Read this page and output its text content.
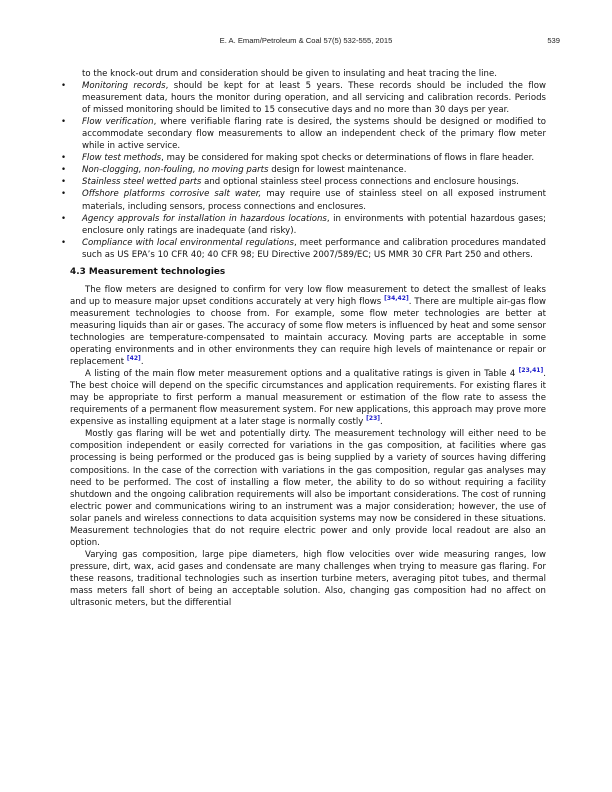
E. A. Emam/Petroleum & Coal 57(5) 532-555, 2015	539

to the knock-out drum and consideration should be given to insulating and heat tracing the line.

• Monitoring records, should be kept for at least 5 years. These records should be included the flow measurement data, hours the monitor during operation, and all servicing and calibration records. Periods of missed monitoring should be limited to 15 consecutive days and no more than 30 days per year.
• Flow verification, where verifiable flaring rate is desired, the systems should be designed or modified to accommodate secondary flow measurements to allow an independent check of the primary flow meter while in active service.
• Flow test methods, may be considered for making spot checks or determinations of flows in flare header.
• Non-clogging, non-fouling, no moving parts design for lowest maintenance.
• Stainless steel wetted parts and optional stainless steel process connections and enclosure housings.
• Offshore platforms corrosive salt water, may require use of stainless steel on all exposed instrument materials, including sensors, process connections and enclosures.
• Agency approvals for installation in hazardous locations, in environments with potential hazardous gases; enclosure only ratings are inadequate (and risky).
• Compliance with local environmental regulations, meet performance and calibration procedures mandated such as US EPA’s 10 CFR 40; 40 CFR 98; EU Directive 2007/589/EC; US MMR 30 CFR Part 250 and others.
4.3 Measurement technologies

The flow meters are designed to confirm for very low flow measurement to detect the smallest of leaks and up to measure major upset conditions accurately at very high flows [34,42]. There are multiple air-gas flow measurement technologies to choose from. For example, some flow meter technologies are better at measuring liquids than air or gases. The accuracy of some flow meters is influenced by heat and some sensor technologies are temperature-compensated to maintain accuracy. Moving parts are acceptable in some operating environments and in other environments they can require high levels of maintenance or repair or replacement [42].

A listing of the main flow meter measurement options and a qualitative ratings is given in Table 4 [23,41]. The best choice will depend on the specific circumstances and application requirements. For existing flares it may be appropriate to first perform a manual measurement or estimation of the flow rate to assess the requirements of a permanent flow measurement system. For new applications, this approach may prove more expensive as installing equipment at a later stage is normally costly [23].

Mostly gas flaring will be wet and potentially dirty. The measurement technology will either need to be composition independent or easily corrected for variations in the gas composition, at facilities where gas processing is being performed or the produced gas is being supplied by a variety of sources having differing compositions. In the case of the correction with variations in the gas composition, regular gas analyses may need to be performed. The cost of installing a flow meter, the ability to do so without requiring a facility shutdown and the ongoing calibration requirements will also be important considerations. The cost of running electric power and communications wiring to an instrument was a major consideration; however, the use of solar panels and wireless connections to data acquisition systems may now be considered in these situations. Measurement technologies that do not require electric power and only provide local readout are also an option.

Varying gas composition, large pipe diameters, high flow velocities over wide measuring ranges, low pressure, dirt, wax, acid gases and condensate are many challenges when trying to measure gas flaring. For these reasons, traditional technologies such as insertion turbine meters, averaging pitot tubes, and thermal mass meters fall short of being an acceptable solution. Also, changing gas composition had no affect on ultrasonic meters, but the differential
